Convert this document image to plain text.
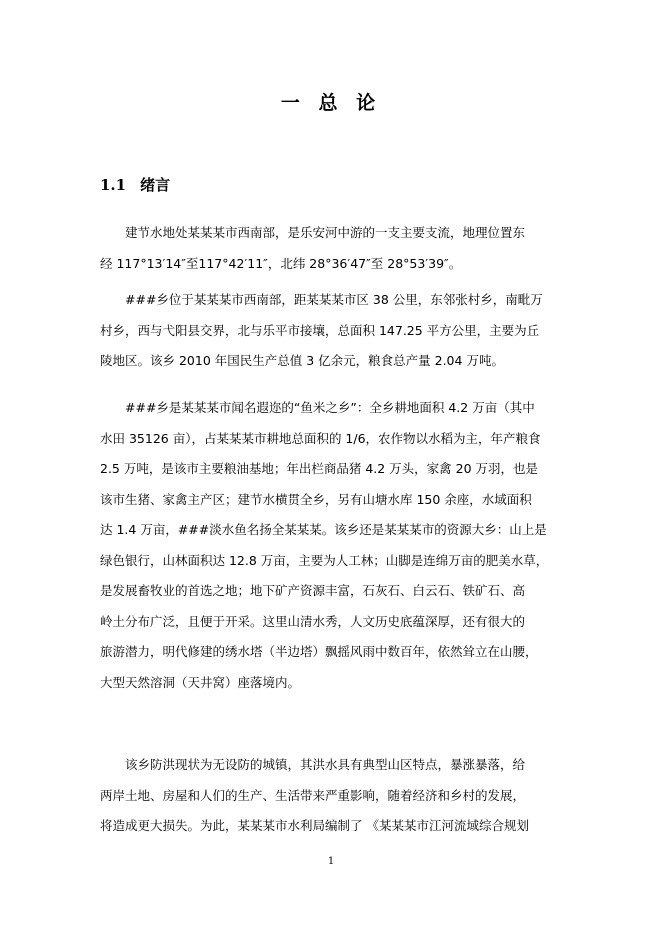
一 总 论
1.1 绪言
建节水地处某某某市西南部，是乐安河中游的一支主要支流，地理位置东
经 117°13′14″至117°42′11″，北纬 28°36′47″至 28°53′39″。
###乡位于某某某市西南部，距某某某市区 38 公里，东邻张村乡，南毗万
村乡，西与弋阳县交界，北与乐平市接壤，总面积 147.25 平方公里，主要为丘
陵地区。该乡 2010 年国民生产总值 3 亿余元，粮食总产量 2.04 万吨。
###乡是某某某市闻名遐迩的“鱼米之乡”：全乡耕地面积 4.2 万亩（其中
水田 35126 亩），占某某某市耕地总面积的 1/6，农作物以水稻为主，年产粮食
2.5 万吨，是该市主要粮油基地；年出栏商品猪 4.2 万头，家禽 20 万羽，也是
该市生猪、家禽主产区；建节水横贯全乡，另有山塘水库 150 余座，水域面积
达 1.4 万亩，###淡水鱼名扬全某某某。该乡还是某某某市的资源大乡：山上是
绿色银行，山林面积达 12.8 万亩，主要为人工林；山脚是连绵万亩的肥美水草，
是发展畜牧业的首选之地；地下矿产资源丰富，石灰石、白云石、铁矿石、高
岭土分布广泛，且便于开采。这里山清水秀，人文历史底蕴深厚，还有很大的
旅游潜力，明代修建的绣水塔（半边塔）飘摇风雨中数百年，依然耸立在山腰，
大型天然溶洞（天井窝）座落境内。
该乡防洪现状为无设防的城镇，其洪水具有典型山区特点，暴涨暴落，给
两岸土地、房屋和人们的生产、生活带来严重影响，随着经济和乡村的发展，
将造成更大损失。为此，某某某市水利局编制了 《某某某市江河流域综合规划
1
